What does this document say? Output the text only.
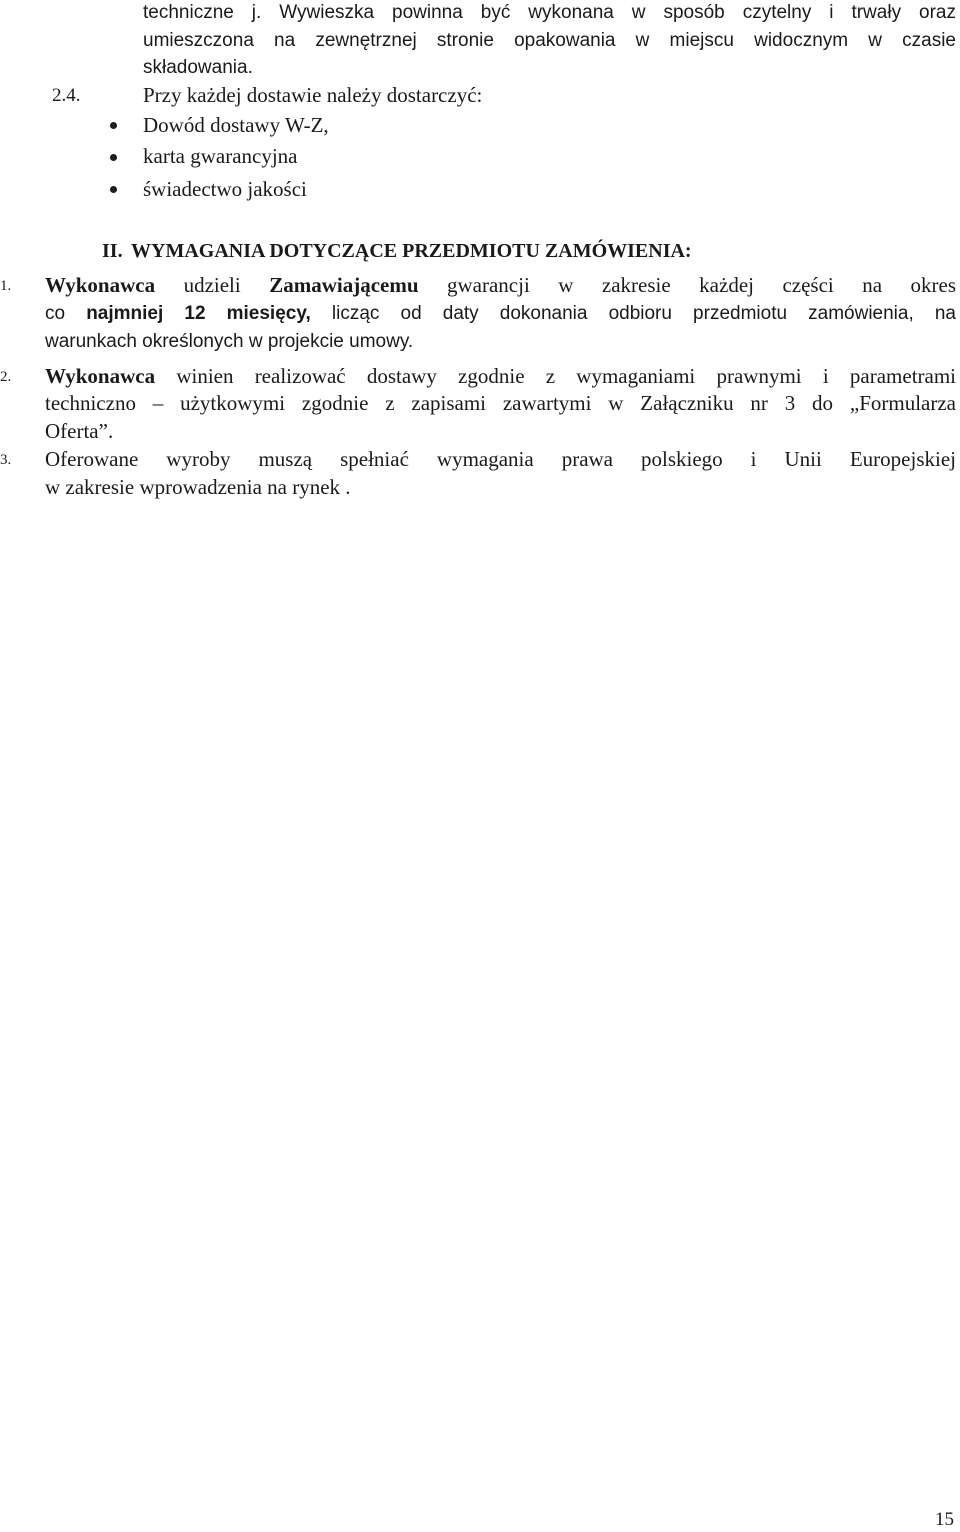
techniczne j. Wywieszka powinna być wykonana w sposób czytelny i trwały oraz
umieszczona na zewnętrznej stronie opakowania w miejscu widocznym w czasie
składowania.
2.4.	Przy każdej dostawie należy dostarczyć:
Dowód dostawy W-Z,
karta gwarancyjna
świadectwo jakości
II. WYMAGANIA DOTYCZĄCE PRZEDMIOTU ZAMÓWIENIA:
1. Wykonawca udzieli Zamawiającemu gwarancji w zakresie każdej części na okres
co najmniej 12 miesięcy, licząc od daty dokonania odbioru przedmiotu zamówienia, na
warunkach określonych w projekcie umowy.
2. Wykonawca winien realizować dostawy zgodnie z wymaganiami prawnymi i parametrami
techniczno – użytkowymi zgodnie z zapisami zawartymi w Załączniku nr 3 do „Formularza
Oferta”.
3. Oferowane wyroby muszą spełniać wymagania prawa polskiego i Unii Europejskiej
w zakresie wprowadzenia na rynek .
15
